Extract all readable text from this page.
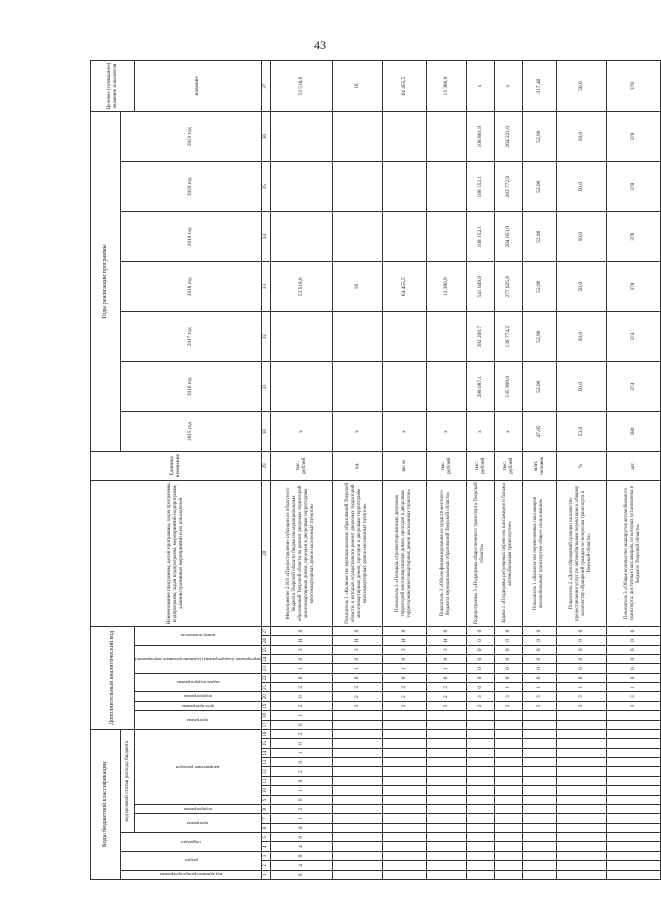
43
Коды бюджетной классификации																Дополнительный аналитический код											Наименование программы, целей программы, задач программы, подпрограмм, задач подпрограмм, мероприятий подпрограмм, административных мероприятий и их показателей	Единица измерения	Годы реализации программы							Целевое (суммарное) значение показателя

код администратора программы	раздел		подраздел		код целевой статьи расхода бюджета																								2015 год	2016 год	2017 год	2018 год	2019 год	2020 год	2021 год	

					программа		подпрограмма	направление расходов								программа		цель программы	подпрограмма	задача подпрограммы		мероприятие (подпрограммы) (административное мероприятие)			номер показателя											значение
1	2	3	4	5	6	7	8	9	10	11	12	13	14	15	16	17	18	19	20	21	22	23	24	25	26	27	28	29	30	31	32	33	34	35	36	37
0	4	0	4	0	9	1	2	0	1	0	2	0	1	0	2	0	1	2	0	2	0	1	0	3	Н	0	Мероприятие 2.003 «Предоставление субсидии из областного бюджета Тверской области бюджетам муниципальных образований Тверской области на ремонт дворовых территорий многоквартирных домов, проездов к дворовым территориям многоквартирных домов населенных пунктов»	тыс. рублей	х			53 518,6				53 518,6
																		3	2	2	0	1	0	3	Н	0	Показатель 1 «Количество муниципальных образований Тверской области, в которых осуществлялся ремонт дворовых территорий многоквартирных домов, проездов к дворовым территориям многоквартирных домов населенных пунктов»	ед.	х			16				16
																		3	2	2	0	1	0	3	Н	0	Показатель 2 «Площадь отремонтированных дворовых территорий многоквартирных домов, проездов к дворовым территориям многоквартирных домов населенных пунктов»	кв. м	х			64 455,5				64 455,5
																		3	2	2	0	1	0	3	Н	0	Показатель 3 «Объем финансирования из средств местного бюджета муниципальных образований Тверской области»	тыс. рублей	х			13 380,9				13 380,9
																		3	3	0	0	0	0	0	0	0	Подпрограмма 3 «Поддержка общественного транспорта Тверской области»	тыс. рублей	х	298 087,1	392 200,7	541 049,0	108 152,1	108 152,1	108 861,9	х
																		3	3	1	0	0	0	0	0	0	Задача 1 «Поддержка регулярных перевозок пассажиров и багажа автомобильным транспортом»	тыс. рублей	х	135 999,0	139 774,2	277 625,6	204 053,9	203 772,0	204 221,0	х
																		3	3	1	0	0	0	0	0	0	Показатель 1 «Количество перевезенных пассажиров автомобильным транспортом общего пользования»	млн. человек	47,05	52,90	52,90	52,90	52,90	52,90	52,90	317,40
																		3	3	1	0	0	0	0	0	0	Показатель 2 «Доля обращений граждан на качество предоставления услуг по автомобильным перевозкам к общему количеству обращений граждан по вопросам транспорта в Тверской области»	%	53,0	50,0	50,0	50,0	50,0	50,0	50,0	50,0
																		3	3	1	0	0	0	0	0	0	Показатель 3 «Общее количество маршрутов автомобильного транспорта, доступных пассажирам, из которых установлены в бюджете Тверской области»	шт.	380	374	374	378	378	378	378	378
